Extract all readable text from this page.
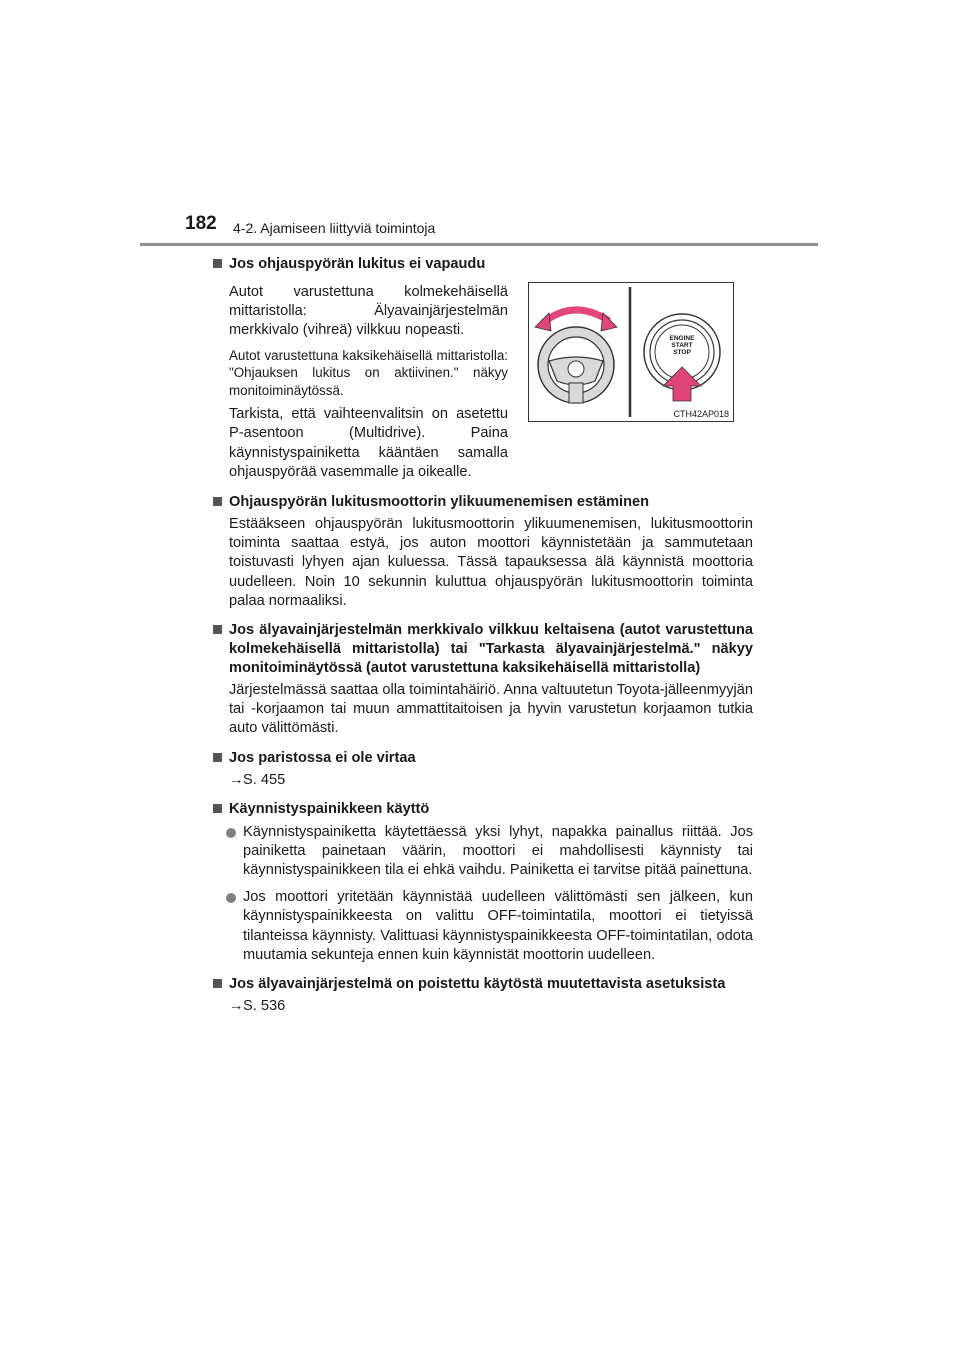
182 4-2. Ajamiseen liittyviä toimintoja
ENGINE
START
STOP
CTH42AP018
Jos ohjauspyörän lukitus ei vapaudu
Autot varustettuna kolmekehäisellä mittaristolla: Älyavainjärjestelmän merkkivalo (vihreä) vilkkuu nopeasti.
Autot varustettuna kaksikehäisellä mittaristolla: "Ohjauksen lukitus on aktiivinen." näkyy monitoiminäytössä.
Tarkista, että vaihteenvalitsin on asetettu P-asentoon (Multidrive). Paina käynnistyspainiketta kääntäen samalla ohjauspyörää vasemmalle ja oikealle.
Ohjauspyörän lukitusmoottorin ylikuumenemisen estäminen
Estääkseen ohjauspyörän lukitusmoottorin ylikuumenemisen, lukitusmoottorin toiminta saattaa estyä, jos auton moottori käynnistetään ja sammutetaan toistuvasti lyhyen ajan kuluessa. Tässä tapauksessa älä käynnistä moottoria uudelleen. Noin 10 sekunnin kuluttua ohjauspyörän lukitusmoottorin toiminta palaa normaaliksi.
Jos älyavainjärjestelmän merkkivalo vilkkuu keltaisena (autot varustettuna kolmekehäisellä mittaristolla) tai "Tarkasta älyavainjärjestelmä." näkyy monitoiminäytössä (autot varustettuna kaksikehäisellä mittaristolla)
Järjestelmässä saattaa olla toimintahäiriö. Anna valtuutetun Toyota-jälleenmyyjän tai -korjaamon tai muun ammattitaitoisen ja hyvin varustetun korjaamon tutkia auto välittömästi.
Jos paristossa ei ole virtaa
→S. 455
Käynnistyspainikkeen käyttö
Käynnistyspainiketta käytettäessä yksi lyhyt, napakka painallus riittää. Jos painiketta painetaan väärin, moottori ei mahdollisesti käynnisty tai käynnistyspainikkeen tila ei ehkä vaihdu. Painiketta ei tarvitse pitää painettuna.
Jos moottori yritetään käynnistää uudelleen välittömästi sen jälkeen, kun käynnistyspainikkeesta on valittu OFF-toimintatila, moottori ei tietyissä tilanteissa käynnisty. Valittuasi käynnistyspainikkeesta OFF-toimintatilan, odota muutamia sekunteja ennen kuin käynnistät moottorin uudelleen.
Jos älyavainjärjestelmä on poistettu käytöstä muutettavista asetuksista
→S. 536
